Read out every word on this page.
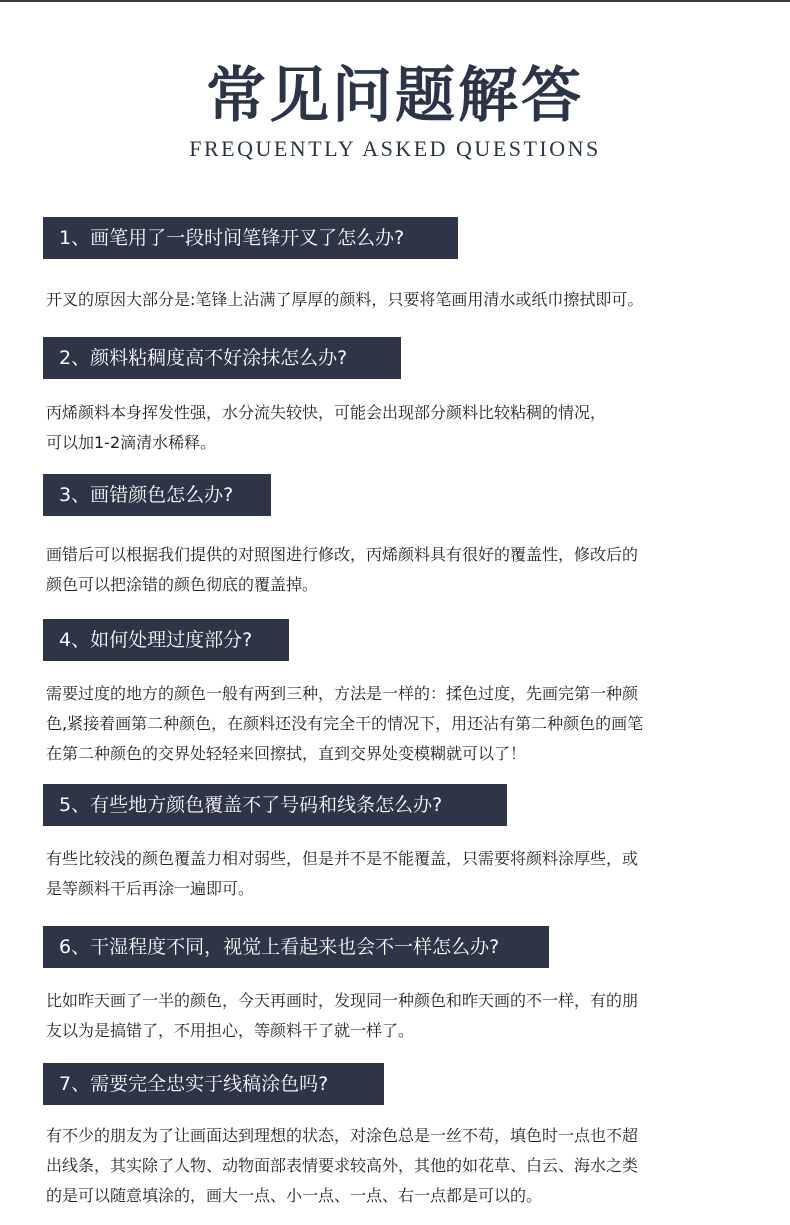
常见问题解答
FREQUENTLY ASKED QUESTIONS
1、画笔用了一段时间笔锋开叉了怎么办?

开叉的原因大部分是:笔锋上沾满了厚厚的颜料，只要将笔画用清水或纸巾擦拭即可。

2、颜料粘稠度高不好涂抹怎么办?

丙烯颜料本身挥发性强，水分流失较快，可能会出现部分颜料比较粘稠的情况，
可以加1-2滴清水稀释。

3、画错颜色怎么办?

画错后可以根据我们提供的对照图进行修改，丙烯颜料具有很好的覆盖性，修改后的
颜色可以把涂错的颜色彻底的覆盖掉。

4、如何处理过度部分?

需要过度的地方的颜色一般有两到三种，方法是一样的：揉色过度，先画完第一种颜
色,紧接着画第二种颜色，在颜料还没有完全干的情况下，用还沾有第二种颜色的画笔
在第二种颜色的交界处轻轻来回擦拭，直到交界处变模糊就可以了！

5、有些地方颜色覆盖不了号码和线条怎么办?

有些比较浅的颜色覆盖力相对弱些，但是并不是不能覆盖，只需要将颜料涂厚些，或
是等颜料干后再涂一遍即可。

6、干湿程度不同，视觉上看起来也会不一样怎么办?

比如昨天画了一半的颜色，今天再画时，发现同一种颜色和昨天画的不一样，有的朋
友以为是搞错了，不用担心，等颜料干了就一样了。

7、需要完全忠实于线稿涂色吗?

有不少的朋友为了让画面达到理想的状态，对涂色总是一丝不苟，填色时一点也不超
出线条，其实除了人物、动物面部表情要求较高外，其他的如花草、白云、海水之类
的是可以随意填涂的，画大一点、小一点、一点、右一点都是可以的。
